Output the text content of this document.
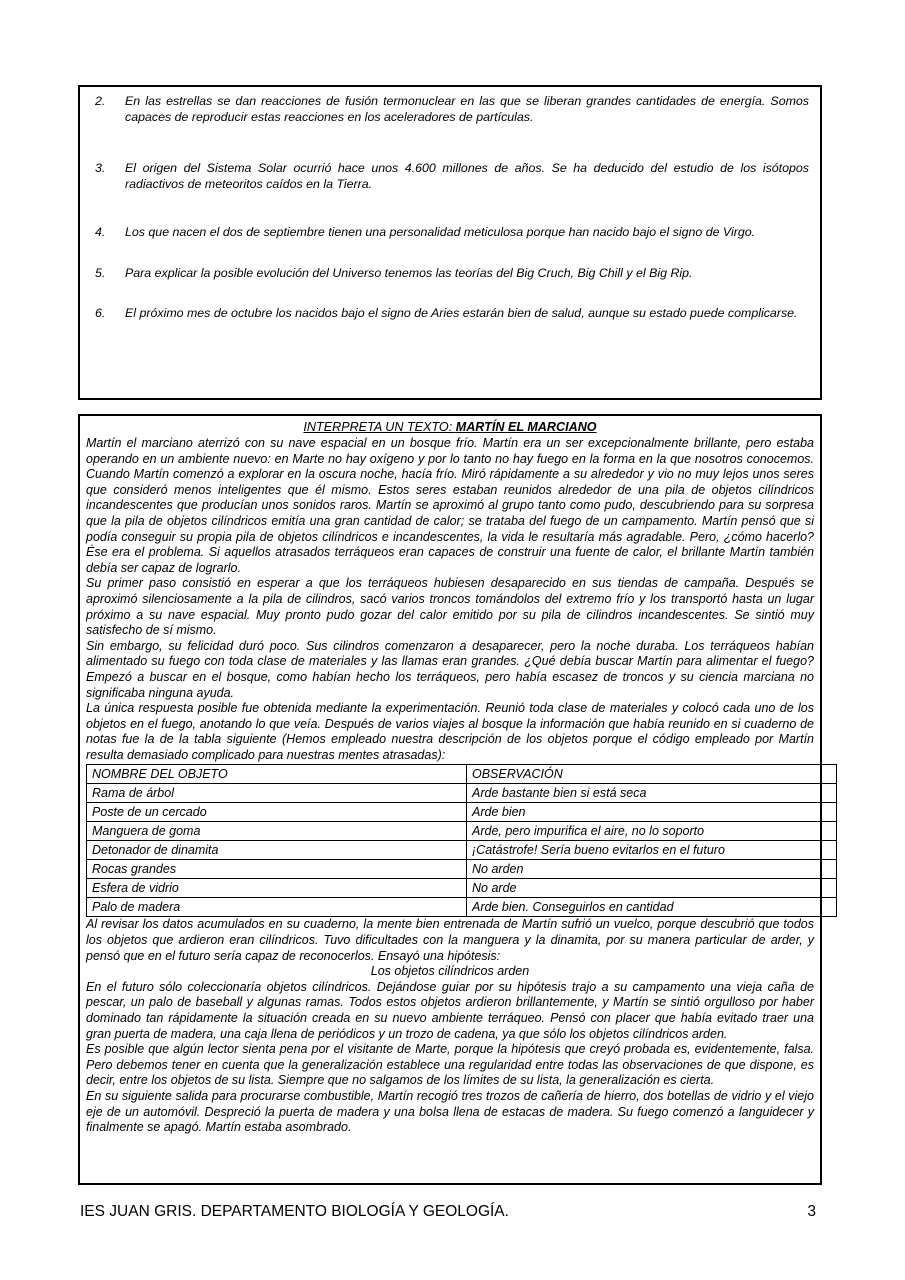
2.	En las estrellas se dan reacciones de fusión termonuclear en las que se liberan grandes cantidades de energía. Somos capaces de reproducir estas reacciones en los aceleradores de partículas.
3.	El origen del Sistema Solar ocurrió hace unos 4.600 millones de años. Se ha deducido del estudio de los isótopos radiactivos de meteoritos caídos en la Tierra.
4.	Los que nacen el dos de septiembre tienen una personalidad meticulosa porque han nacido bajo el signo de Virgo.
5.	Para explicar la posible evolución del Universo tenemos las teorías del Big Cruch, Big Chill y el Big Rip.
6.	El próximo mes de octubre los nacidos bajo el signo de Aries estarán bien de salud, aunque su estado puede complicarse.
INTERPRETA UN TEXTO: MARTÍN EL MARCIANO

Martín el marciano aterrizó con su nave espacial en un bosque frío. Martín era un ser excepcionalmente brillante, pero estaba operando en un ambiente nuevo: en Marte no hay oxígeno y por lo tanto no hay fuego en la forma en la que nosotros conocemos. Cuando Martín comenzó a explorar en la oscura noche, hacía frío. Miró rápidamente a su alrededor y vio no muy lejos unos seres que consideró menos inteligentes que él mismo. Estos seres estaban reunidos alrededor de una pila de objetos cilíndricos incandescentes que producían unos sonidos raros. Martín se aproximó al grupo tanto como pudo, descubriendo para su sorpresa que la pila de objetos cilíndricos emitía una gran cantidad de calor; se trataba del fuego de un campamento. Martín pensó que si podía conseguir su propia pila de objetos cilíndricos e incandescentes, la vida le resultaría más agradable. Pero, ¿cómo hacerlo? Ése era el problema. Si aquellos atrasados terráqueos eran capaces de construir una fuente de calor, el brillante Martín también debía ser capaz de lograrlo.

Su primer paso consistió en esperar a que los terráqueos hubiesen desaparecido en sus tiendas de campaña. Después se aproximó silenciosamente a la pila de cilindros, sacó varios troncos tomándolos del extremo frío y los transportó hasta un lugar próximo a su nave espacial. Muy pronto pudo gozar del calor emitido por su pila de cilindros incandescentes. Se sintió muy satisfecho de sí mismo.

Sin embargo, su felicidad duró poco. Sus cilindros comenzaron a desaparecer, pero la noche duraba. Los terráqueos habían alimentado su fuego con toda clase de materiales y las llamas eran grandes. ¿Qué debía buscar Martín para alimentar el fuego? Empezó a buscar en el bosque, como habían hecho los terráqueos, pero había escasez de troncos y su ciencia marciana no significaba ninguna ayuda.

La única respuesta posible fue obtenida mediante la experimentación. Reunió toda clase de materiales y colocó cada uno de los objetos en el fuego, anotando lo que veía. Después de varios viajes al bosque la información que había reunido en si cuaderno de notas fue la de la tabla siguiente (Hemos empleado nuestra descripción de los objetos porque el código empleado por Martín resulta demasiado complicado para nuestras mentes atrasadas):

NOMBRE DEL OBJETO	OBSERVACIÓN
Rama de árbol	Arde bastante bien si está seca
Poste de un cercado	Arde bien
Manguera de goma	Arde, pero impurifica el aire, no lo soporto
Detonador de dinamita	¡Catástrofe! Sería bueno evitarlos en el futuro
Rocas grandes	No arden
Esfera de vidrio	No arde
Palo de madera	Arde bien. Conseguirlos en cantidad

Al revisar los datos acumulados en su cuaderno, la mente bien entrenada de Martín sufrió un vuelco, porque descubrió que todos los objetos que ardieron eran cilíndricos. Tuvo dificultades con la manguera y la dinamita, por su manera particular de arder, y pensó que en el futuro sería capaz de reconocerlos. Ensayó una hipótesis:

Los objetos cilíndricos arden

En el futuro sólo coleccionaría objetos cilíndricos. Dejándose guiar por su hipótesis trajo a su campamento una vieja caña de pescar, un palo de baseball y algunas ramas. Todos estos objetos ardieron brillantemente, y Martín se sintió orgulloso por haber dominado tan rápidamente la situación creada en su nuevo ambiente terráqueo. Pensó con placer que había evitado traer una gran puerta de madera, una caja llena de periódicos y un trozo de cadena, ya que sólo los objetos cilíndricos arden.

Es posible que algún lector sienta pena por el visitante de Marte, porque la hipótesis que creyó probada es, evidentemente, falsa. Pero debemos tener en cuenta que la generalización establece una regularidad entre todas las observaciones de que dispone, es decir, entre los objetos de su lista. Siempre que no salgamos de los límites de su lista, la generalización es cierta.

En su siguiente salida para procurarse combustible, Martín recogió tres trozos de cañería de hierro, dos botellas de vidrio y el viejo eje de un automóvil. Despreció la puerta de madera y una bolsa llena de estacas de madera. Su fuego comenzó a languidecer y finalmente se apagó. Martín estaba asombrado.

IES JUAN GRIS. DEPARTAMENTO BIOLOGÍA Y GEOLOGÍA.	3
